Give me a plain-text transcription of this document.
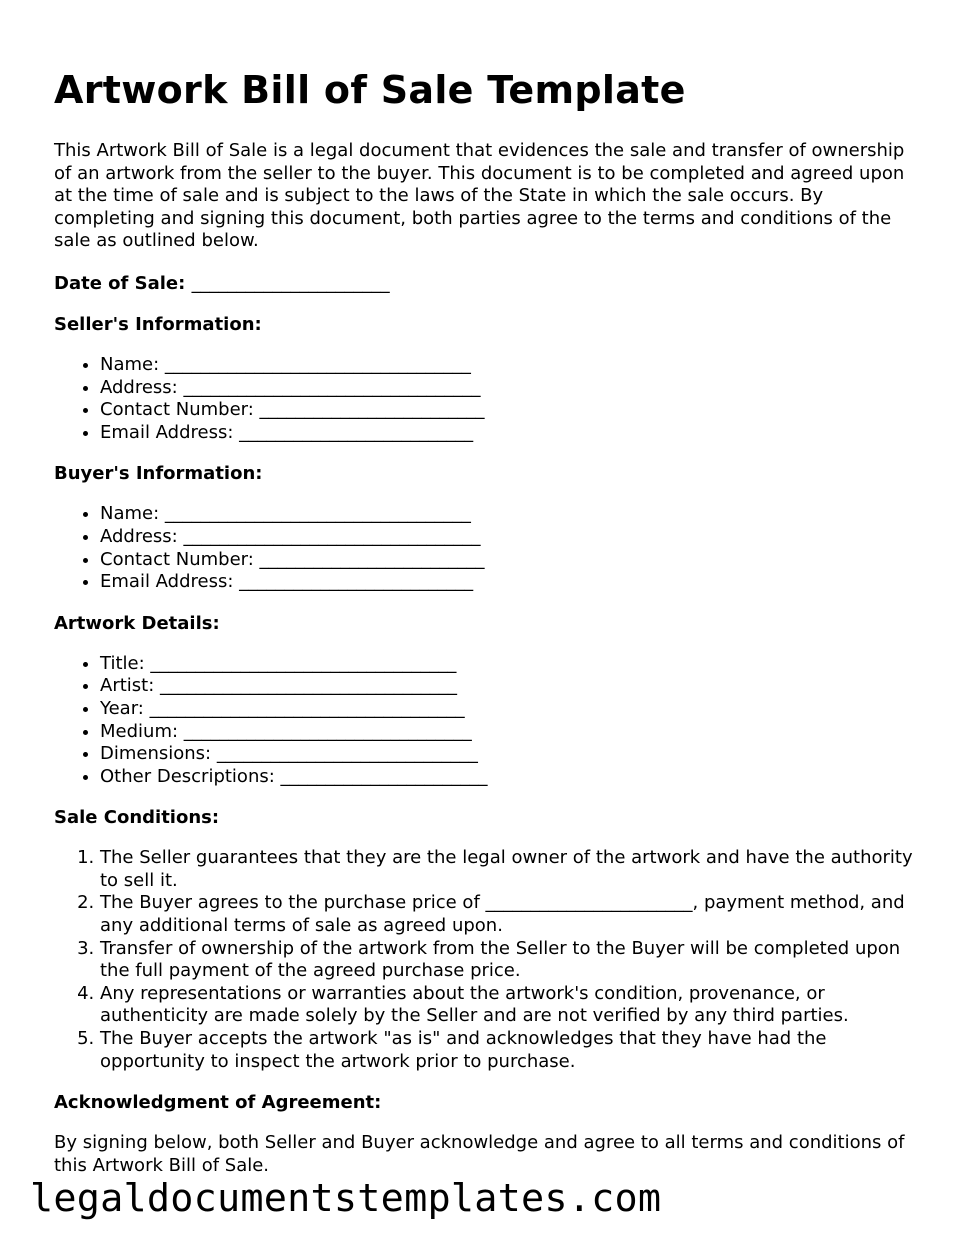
Artwork Bill of Sale Template

This Artwork Bill of Sale is a legal document that evidences the sale and transfer of ownership of an artwork from the seller to the buyer. This document is to be completed and agreed upon at the time of sale and is subject to the laws of the State in which the sale occurs. By completing and signing this document, both parties agree to the terms and conditions of the sale as outlined below.

Date of Sale: ______________________

Seller's Information:
• Name: __________________________________
• Address: _________________________________
• Contact Number: _________________________
• Email Address: __________________________
Buyer's Information:
• Name: __________________________________
• Address: _________________________________
• Contact Number: _________________________
• Email Address: __________________________
Artwork Details:
• Title: __________________________________
• Artist: _________________________________
• Year: ___________________________________
• Medium: ________________________________
• Dimensions: _____________________________
• Other Descriptions: _______________________
Sale Conditions:
1. The Seller guarantees that they are the legal owner of the artwork and have the authority to sell it.
2. The Buyer agrees to the purchase price of _______________________, payment method, and any additional terms of sale as agreed upon.
3. Transfer of ownership of the artwork from the Seller to the Buyer will be completed upon the full payment of the agreed purchase price.
4. Any representations or warranties about the artwork's condition, provenance, or authenticity are made solely by the Seller and are not verified by any third parties.
5. The Buyer accepts the artwork "as is" and acknowledges that they have had the opportunity to inspect the artwork prior to purchase.
Acknowledgment of Agreement:

By signing below, both Seller and Buyer acknowledge and agree to all terms and conditions of this Artwork Bill of Sale.

legaldocumentstemplates.com
